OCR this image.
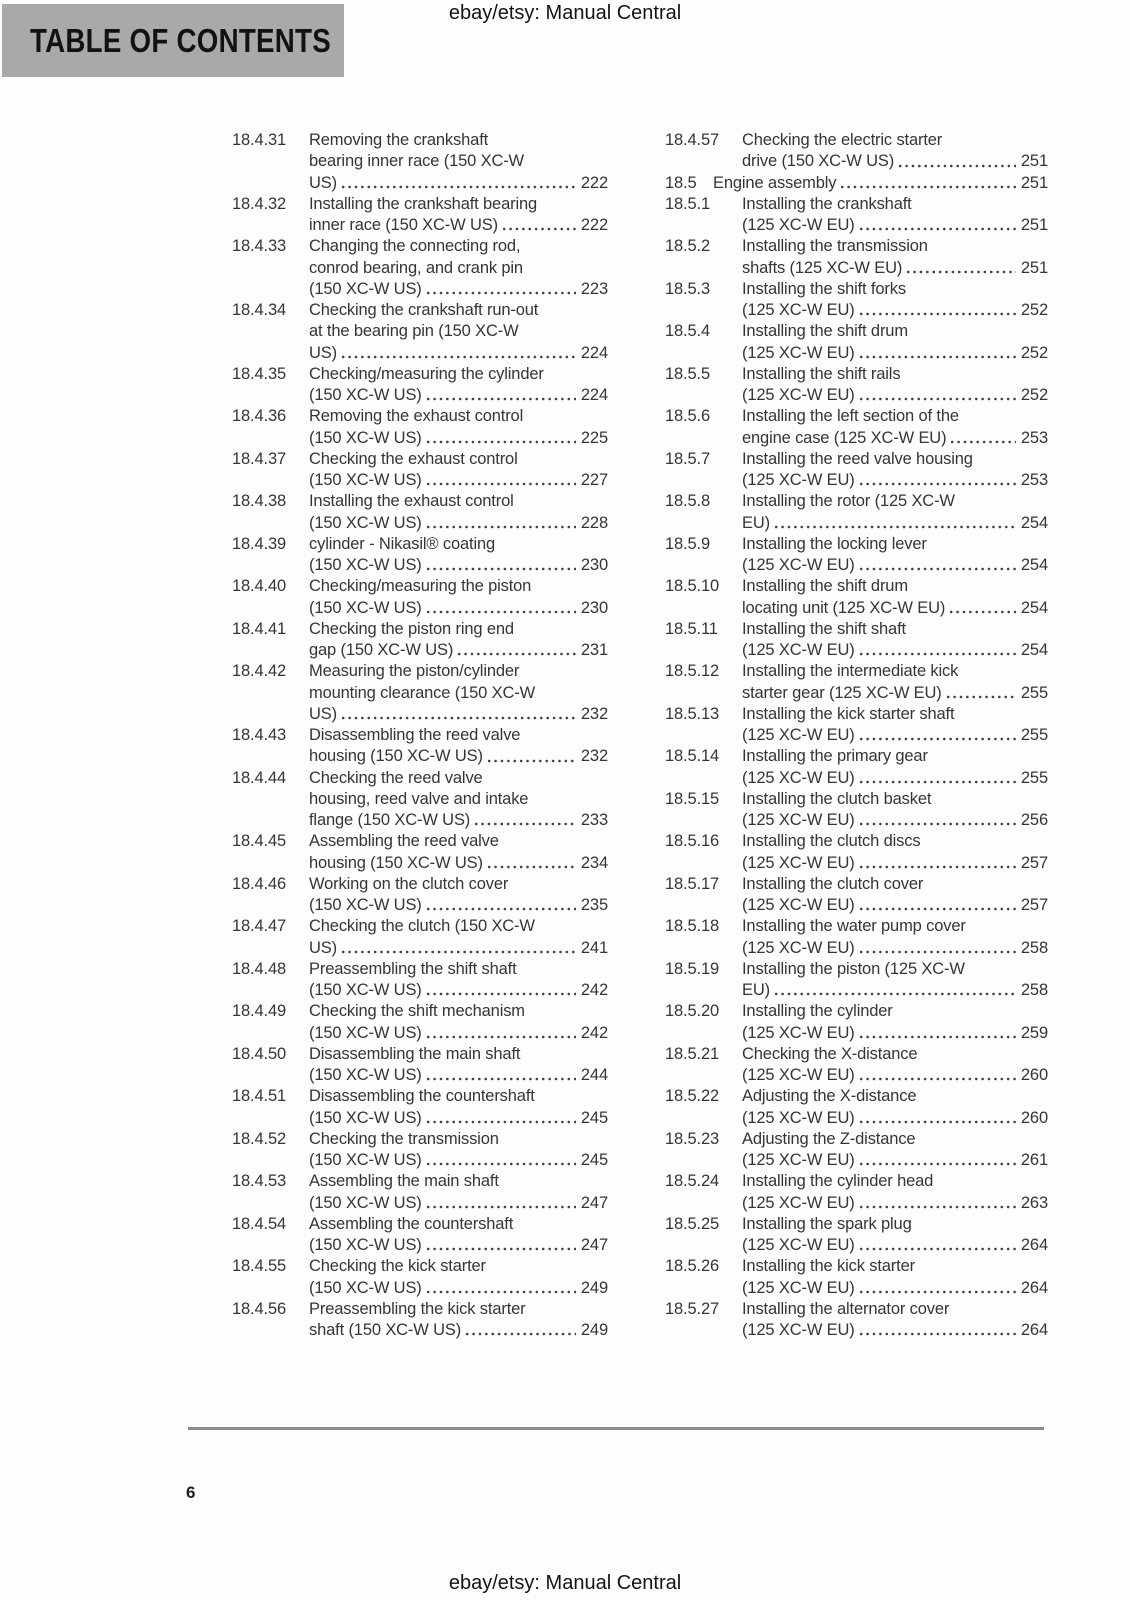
ebay/etsy: Manual Central
TABLE OF CONTENTS
18.4.31	Removing the crankshaft
bearing inner race (150 XC-W
US)	222
18.4.32	Installing the crankshaft bearing
inner race (150 XC-W US)	222
18.4.33	Changing the connecting rod,
conrod bearing, and crank pin
(150 XC-W US)	223
18.4.34	Checking the crankshaft run-out
at the bearing pin (150 XC-W
US)	224
18.4.35	Checking/measuring the cylinder
(150 XC-W US)	224
18.4.36	Removing the exhaust control
(150 XC-W US)	225
18.4.37	Checking the exhaust control
(150 XC-W US)	227
18.4.38	Installing the exhaust control
(150 XC-W US)	228
18.4.39	cylinder - Nikasil® coating
(150 XC-W US)	230
18.4.40	Checking/measuring the piston
(150 XC-W US)	230
18.4.41	Checking the piston ring end
gap (150 XC-W US)	231
18.4.42	Measuring the piston/cylinder
mounting clearance (150 XC-W
US)	232
18.4.43	Disassembling the reed valve
housing (150 XC-W US)	232
18.4.44	Checking the reed valve
housing, reed valve and intake
flange (150 XC-W US)	233
18.4.45	Assembling the reed valve
housing (150 XC-W US)	234
18.4.46	Working on the clutch cover
(150 XC-W US)	235
18.4.47	Checking the clutch (150 XC-W
US)	241
18.4.48	Preassembling the shift shaft
(150 XC-W US)	242
18.4.49	Checking the shift mechanism
(150 XC-W US)	242
18.4.50	Disassembling the main shaft
(150 XC-W US)	244
18.4.51	Disassembling the countershaft
(150 XC-W US)	245
18.4.52	Checking the transmission
(150 XC-W US)	245
18.4.53	Assembling the main shaft
(150 XC-W US)	247
18.4.54	Assembling the countershaft
(150 XC-W US)	247
18.4.55	Checking the kick starter
(150 XC-W US)	249
18.4.56	Preassembling the kick starter
shaft (150 XC-W US)	249
18.4.57	Checking the electric starter
drive (150 XC-W US)	251
18.5 Engine assembly	251
18.5.1	Installing the crankshaft
(125 XC-W EU)	251
18.5.2	Installing the transmission
shafts (125 XC-W EU)	251
18.5.3	Installing the shift forks
(125 XC-W EU)	252
18.5.4	Installing the shift drum
(125 XC-W EU)	252
18.5.5	Installing the shift rails
(125 XC-W EU)	252
18.5.6	Installing the left section of the
engine case (125 XC-W EU)	253
18.5.7	Installing the reed valve housing
(125 XC-W EU)	253
18.5.8	Installing the rotor (125 XC-W
EU)	254
18.5.9	Installing the locking lever
(125 XC-W EU)	254
18.5.10	Installing the shift drum
locating unit (125 XC-W EU)	254
18.5.11	Installing the shift shaft
(125 XC-W EU)	254
18.5.12	Installing the intermediate kick
starter gear (125 XC-W EU)	255
18.5.13	Installing the kick starter shaft
(125 XC-W EU)	255
18.5.14	Installing the primary gear
(125 XC-W EU)	255
18.5.15	Installing the clutch basket
(125 XC-W EU)	256
18.5.16	Installing the clutch discs
(125 XC-W EU)	257
18.5.17	Installing the clutch cover
(125 XC-W EU)	257
18.5.18	Installing the water pump cover
(125 XC-W EU)	258
18.5.19	Installing the piston (125 XC-W
EU)	258
18.5.20	Installing the cylinder
(125 XC-W EU)	259
18.5.21	Checking the X-distance
(125 XC-W EU)	260
18.5.22	Adjusting the X-distance
(125 XC-W EU)	260
18.5.23	Adjusting the Z-distance
(125 XC-W EU)	261
18.5.24	Installing the cylinder head
(125 XC-W EU)	263
18.5.25	Installing the spark plug
(125 XC-W EU)	264
18.5.26	Installing the kick starter
(125 XC-W EU)	264
18.5.27	Installing the alternator cover
(125 XC-W EU)	264
6
ebay/etsy: Manual Central
